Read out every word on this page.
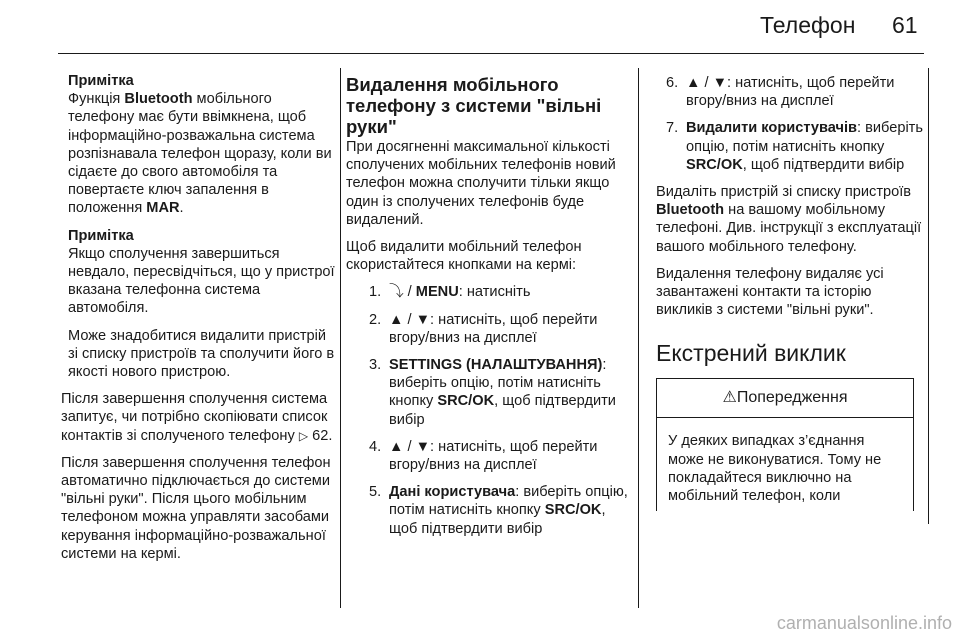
Телефон 61

Примітка

Функція Bluetooth мобільного телефону має бути ввімкнена, щоб інформаційно-розважальна система розпізнавала телефон щоразу, коли ви сідаєте до свого автомобіля та повертаєте ключ запалення в положення MAR.

Примітка

Якщо сполучення завершиться невдало, пересвідчіться, що у пристрої вказана телефонна система автомобіля.

Може знадобитися видалити пристрій зі списку пристроїв та сполучити його в якості нового пристрою.

Після завершення сполучення система запитує, чи потрібно скопіювати список контактів зі сполученого телефону ▷ 62.

Після завершення сполучення телефон автоматично підключається до системи "вільні руки". Після цього мобільним телефоном можна управляти засобами керування інформаційно-розважальної системи на кермі.

Видалення мобільного телефону з системи "вільні руки"

При досягненні максимальної кількості сполучених мобільних телефонів новий телефон можна сполучити тільки якщо один із сполучених телефонів буде видалений.

Щоб видалити мобільний телефон скористайтеся кнопками на кермі:

1. ⤵ / MENU: натисніть
2. ▲ / ▼: натисніть, щоб перейти вгору/вниз на дисплеї
3. SETTINGS (НАЛАШТУВАННЯ): виберіть опцію, потім натисніть кнопку SRC/OK, щоб підтвердити вибір
4. ▲ / ▼: натисніть, щоб перейти вгору/вниз на дисплеї
5. Дані користувача: виберіть опцію, потім натисніть кнопку SRC/OK, щоб підтвердити вибір
6. ▲ / ▼: натисніть, щоб перейти вгору/вниз на дисплеї
7. Видалити користувачів: виберіть опцію, потім натисніть кнопку SRC/OK, щоб підтвердити вибір

Видаліть пристрій зі списку пристроїв Bluetooth на вашому мобільному телефоні. Див. інструкції з експлуатації вашого мобільного телефону.

Видалення телефону видаляє усі завантажені контакти та історію викликів з системи "вільні руки".

Екстрений виклик
⚠Попередження
У деяких випадках з’єднання може не виконуватися. Тому не покладайтеся виключно на мобільний телефон, коли
carmanualsonline.info
